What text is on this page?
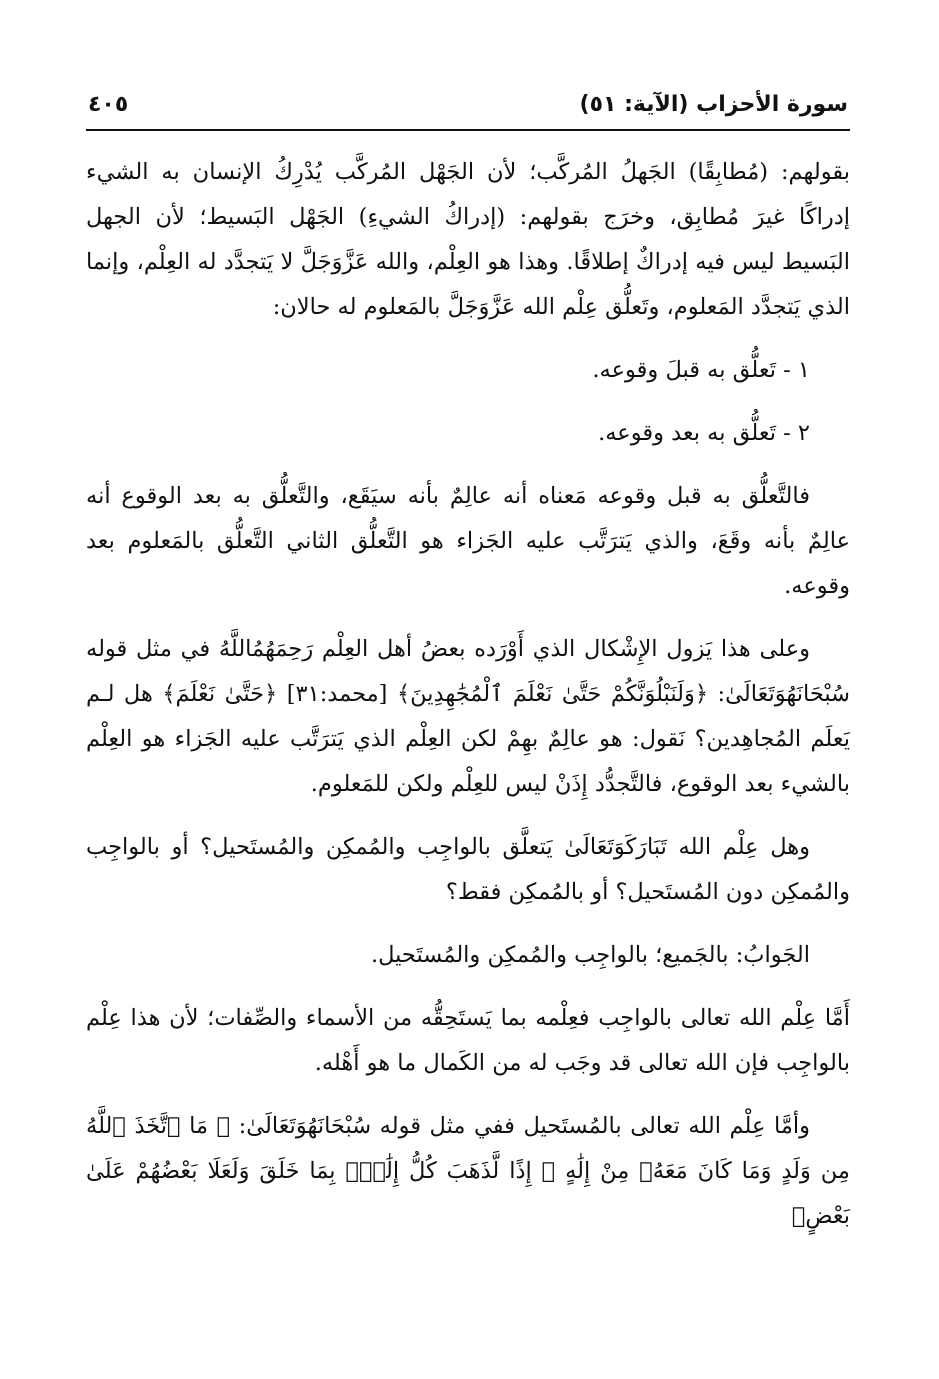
سورة الأحزاب (الآية: ٥١)
٤٠٥

بقولهم: (مُطابِقًا) الجَهلُ المُركَّب؛ لأن الجَهْل المُركَّب يُدْرِكُ الإنسان به الشيء إدراكًا غيرَ مُطابِق، وخرَج بقولهم: (إدراكُ الشيءِ) الجَهْل البَسيط؛ لأن الجهل البَسيط ليس فيه إدراكٌ إطلاقًا. وهذا هو العِلْم، والله عَزَّوَجَلَّ لا يَتجدَّد له العِلْم، وإنما الذي يَتجدَّد المَعلوم، وتَعلُّق عِلْم الله عَزَّوَجَلَّ بالمَعلوم له حالان:

١ - تَعلُّق به قبلَ وقوعه.

٢ - تَعلُّق به بعد وقوعه.

فالتَّعلُّق به قبل وقوعه مَعناه أنه عالِمٌ بأنه سيَقَع، والتَّعلُّق به بعد الوقوع أنه عالِمٌ بأنه وقَعَ، والذي يَترَتَّب عليه الجَزاء هو التَّعلُّق الثاني التَّعلُّق بالمَعلوم بعد وقوعه.

وعلى هذا يَزول الإِشْكال الذي أَوْرَده بعضُ أهل العِلْم رَحِمَهُمُاللَّهُ في مثل قوله سُبْحَانَهُوَتَعَالَىٰ: ﴿وَلَنَبْلُوَنَّكُمْ حَتَّىٰ نَعْلَمَ ٱلْمُجَٰهِدِينَ﴾ [محمد:٣١] ﴿حَتَّىٰ نَعْلَمَ﴾ هل لـم يَعلَم المُجاهِدين؟ نَقول: هو عالِمٌ بهِمْ لكن العِلْم الذي يَترَتَّب عليه الجَزاء هو العِلْم بالشيء بعد الوقوع، فالتَّجدُّد إِذَنْ ليس للعِلْم ولكن للمَعلوم.

وهل عِلْم الله تَبَارَكَوَتَعَالَىٰ يَتعلَّق بالواجِب والمُمكِن والمُستَحيل؟ أو بالواجِب والمُمكِن دون المُستَحيل؟ أو بالمُمكِن فقط؟

الجَوابُ: بالجَميع؛ بالواجِب والمُمكِن والمُستَحيل.

أَمَّا عِلْم الله تعالى بالواجِب فعِلْمه بما يَستَحِقُّه من الأسماء والصِّفات؛ لأن هذا عِلْم بالواجِب فإن الله تعالى قد وجَب له من الكَمال ما هو أَهْله.

وأمَّا عِلْم الله تعالى بالمُستَحيل ففي مثل قوله سُبْحَانَهُوَتَعَالَىٰ: ﴿ مَا ٱتَّخَذَ ٱللَّهُ مِن وَلَدٍ وَمَا كَانَ مَعَهُۥ مِنْ إِلَٰهٍ ۚ إِذًا لَّذَهَبَ كُلُّ إِلَٰهٍۭ بِمَا خَلَقَ وَلَعَلَا بَعْضُهُمْ عَلَىٰ بَعْضٍ﴾
